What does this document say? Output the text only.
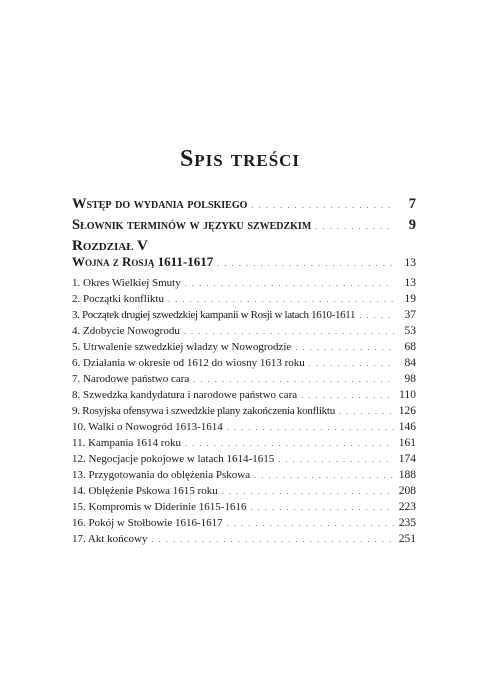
Spis treści
Wstęp do wydania polskiego . . .	7
Słownik terminów w języku szwedzkim . . .	9
Rozdział V
Wojna z Rosją 1611-1617 . . .	13
1. Okres Wielkiej Smuty . . .	13
2. Początki konfliktu . . .	19
3. Początek drugiej szwedzkiej kampanii w Rosji w latach 1610-1611 . . .	37
4. Zdobycie Nowogrodu . . .	53
5. Utrwalenie szwedzkiej władzy w Nowogrodzie . . .	68
6. Działania w okresie od 1612 do wiosny 1613 roku . . .	84
7. Narodowe państwo cara . . .	98
8. Szwedzka kandydatura i narodowe państwo cara . . .	110
9. Rosyjska ofensywa i szwedzkie plany zakończenia konfliktu . . .	126
10. Walki o Nowogród 1613-1614 . . .	146
11. Kampania 1614 roku . . .	161
12. Negocjacje pokojowe w latach 1614-1615 . . .	174
13. Przygotowania do oblężenia Pskowa . . .	188
14. Oblężenie Pskowa 1615 roku . . .	208
15. Kompromis w Diderinie 1615-1616 . . .	223
16. Pokój w Stołbowie 1616-1617 . . .	235
17. Akt końcowy . . .	251
